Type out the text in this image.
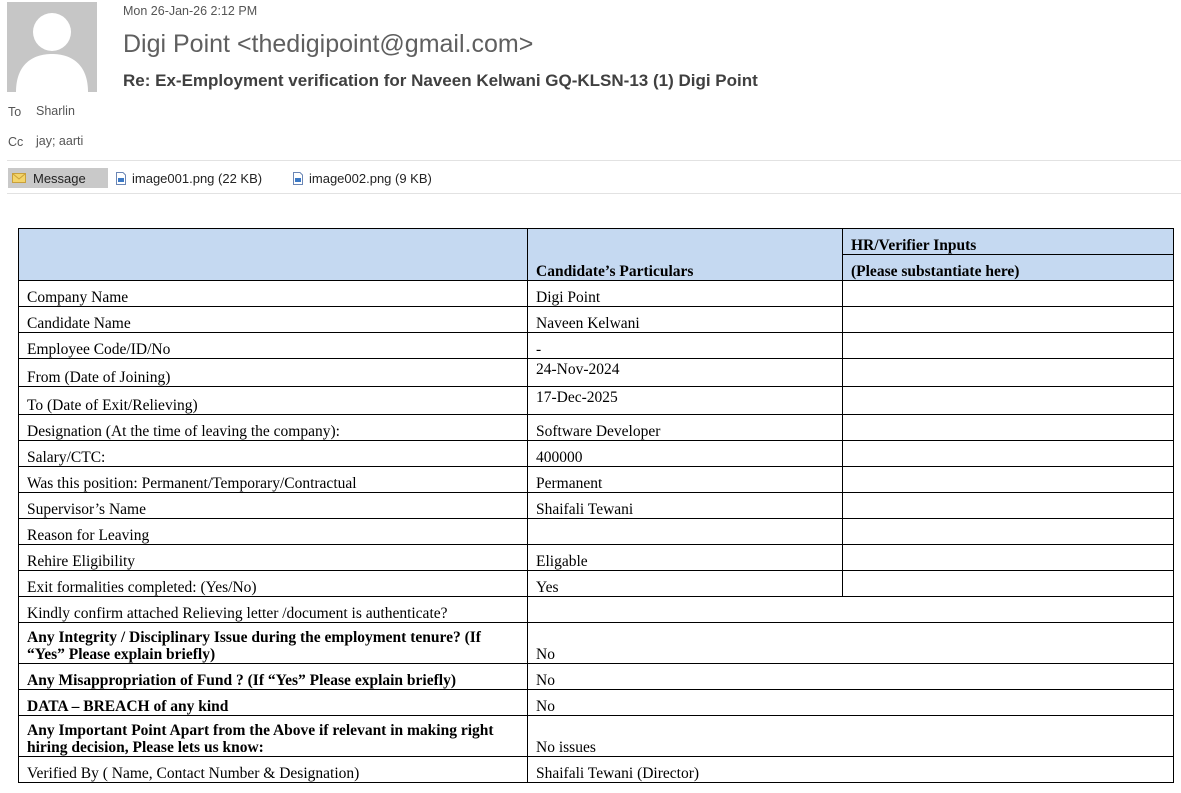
Mon 26-Jan-26 2:12 PM
Digi Point <thedigipoint@gmail.com>
Re: Ex-Employment verification for Naveen Kelwani GQ-KLSN-13 (1) Digi Point
To Sharlin
Cc jay; aarti
Message	image001.png (22 KB)	image002.png (9 KB)
	Candidate’s Particulars	HR/Verifier Inputs
		(Please substantiate here)
Company Name	Digi Point	
Candidate Name	Naveen Kelwani	
Employee Code/ID/No	-	
From (Date of Joining)	24-Nov-2024	
To (Date of Exit/Relieving)	17-Dec-2025	
Designation (At the time of leaving the company):	Software Developer	
Salary/CTC:	400000	
Was this position: Permanent/Temporary/Contractual	Permanent	
Supervisor’s Name	Shaifali Tewani	
Reason for Leaving		
Rehire Eligibility	Eligable	
Exit formalities completed: (Yes/No)	Yes	
Kindly confirm attached Relieving letter /document is authenticate?		
Any Integrity / Disciplinary Issue during the employment tenure? (If “Yes” Please explain briefly)	No	
Any Misappropriation of Fund ? (If “Yes” Please explain briefly)	No	
DATA – BREACH of any kind	No	
Any Important Point Apart from the Above if relevant in making right hiring decision, Please lets us know:	No issues	
Verified By ( Name, Contact Number & Designation)	Shaifali Tewani (Director)	
